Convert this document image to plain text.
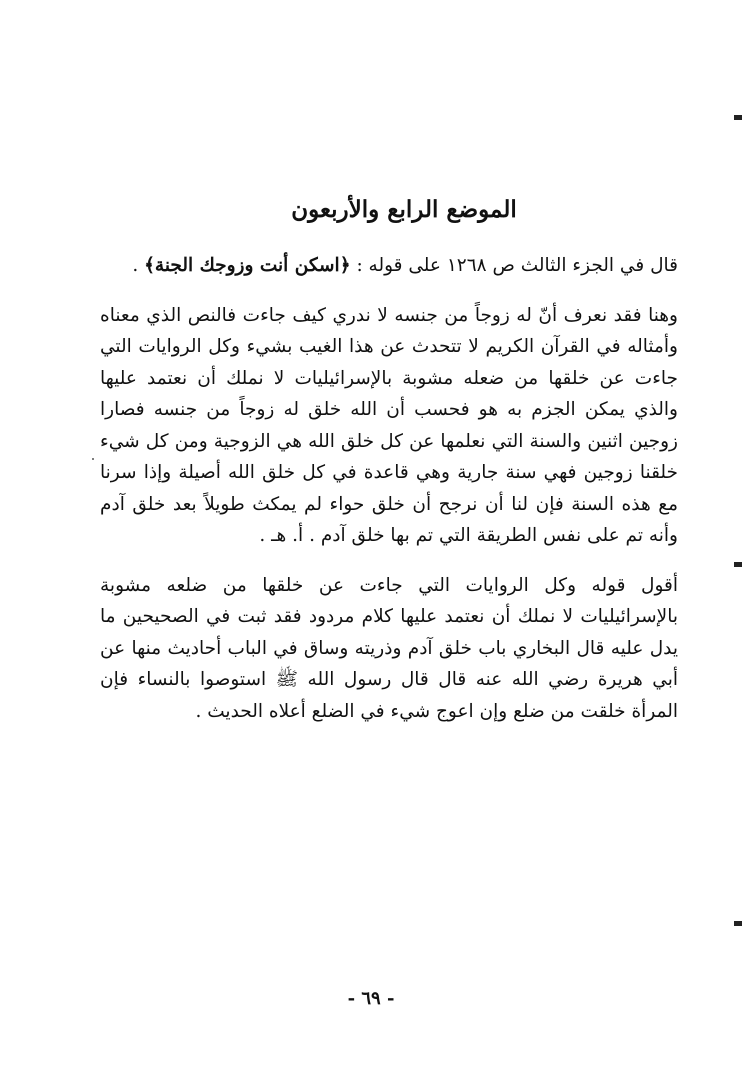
الموضع الرابع والأربعون

قال في الجزء الثالث ص ١٢٦٨ على قوله : ﴿اسكن أنت وزوجك الجنة﴾ .

وهنا فقد نعرف أنّ له زوجاً من جنسه لا ندري كيف جاءت فالنص الذي معناه وأمثاله في القرآن الكريم لا تتحدث عن هذا الغيب بشيء وكل الروايات التي جاءت عن خلقها من ضعله مشوبة بالإسرائيليات لا نملك أن نعتمد عليها والذي يمكن الجزم به هو فحسب أن الله خلق له زوجاً من جنسه فصارا زوجين اثنين والسنة التي نعلمها عن كل خلق الله هي الزوجية ومن كل شيء خلقنا زوجين فهي سنة جارية وهي قاعدة في كل خلق الله أصيلة وإذا سرنا مع هذه السنة فإن لنا أن نرجح أن خلق حواء لم يمكث طويلاً بعد خلق آدم وأنه تم على نفس الطريقة التي تم بها خلق آدم . أ. هـ .

أقول قوله وكل الروايات التي جاءت عن خلقها من ضلعه مشوبة بالإسرائيليات لا نملك أن نعتمد عليها كلام مردود فقد ثبت في الصحيحين ما يدل عليه قال البخاري باب خلق آدم وذريته وساق في الباب أحاديث منها عن أبي هريرة رضي الله عنه قال قال رسول الله ﷺ استوصوا بالنساء فإن المرأة خلقت من ضلع وإن اعوج شيء في الضلع أعلاه الحديث .

- ٦٩ -
